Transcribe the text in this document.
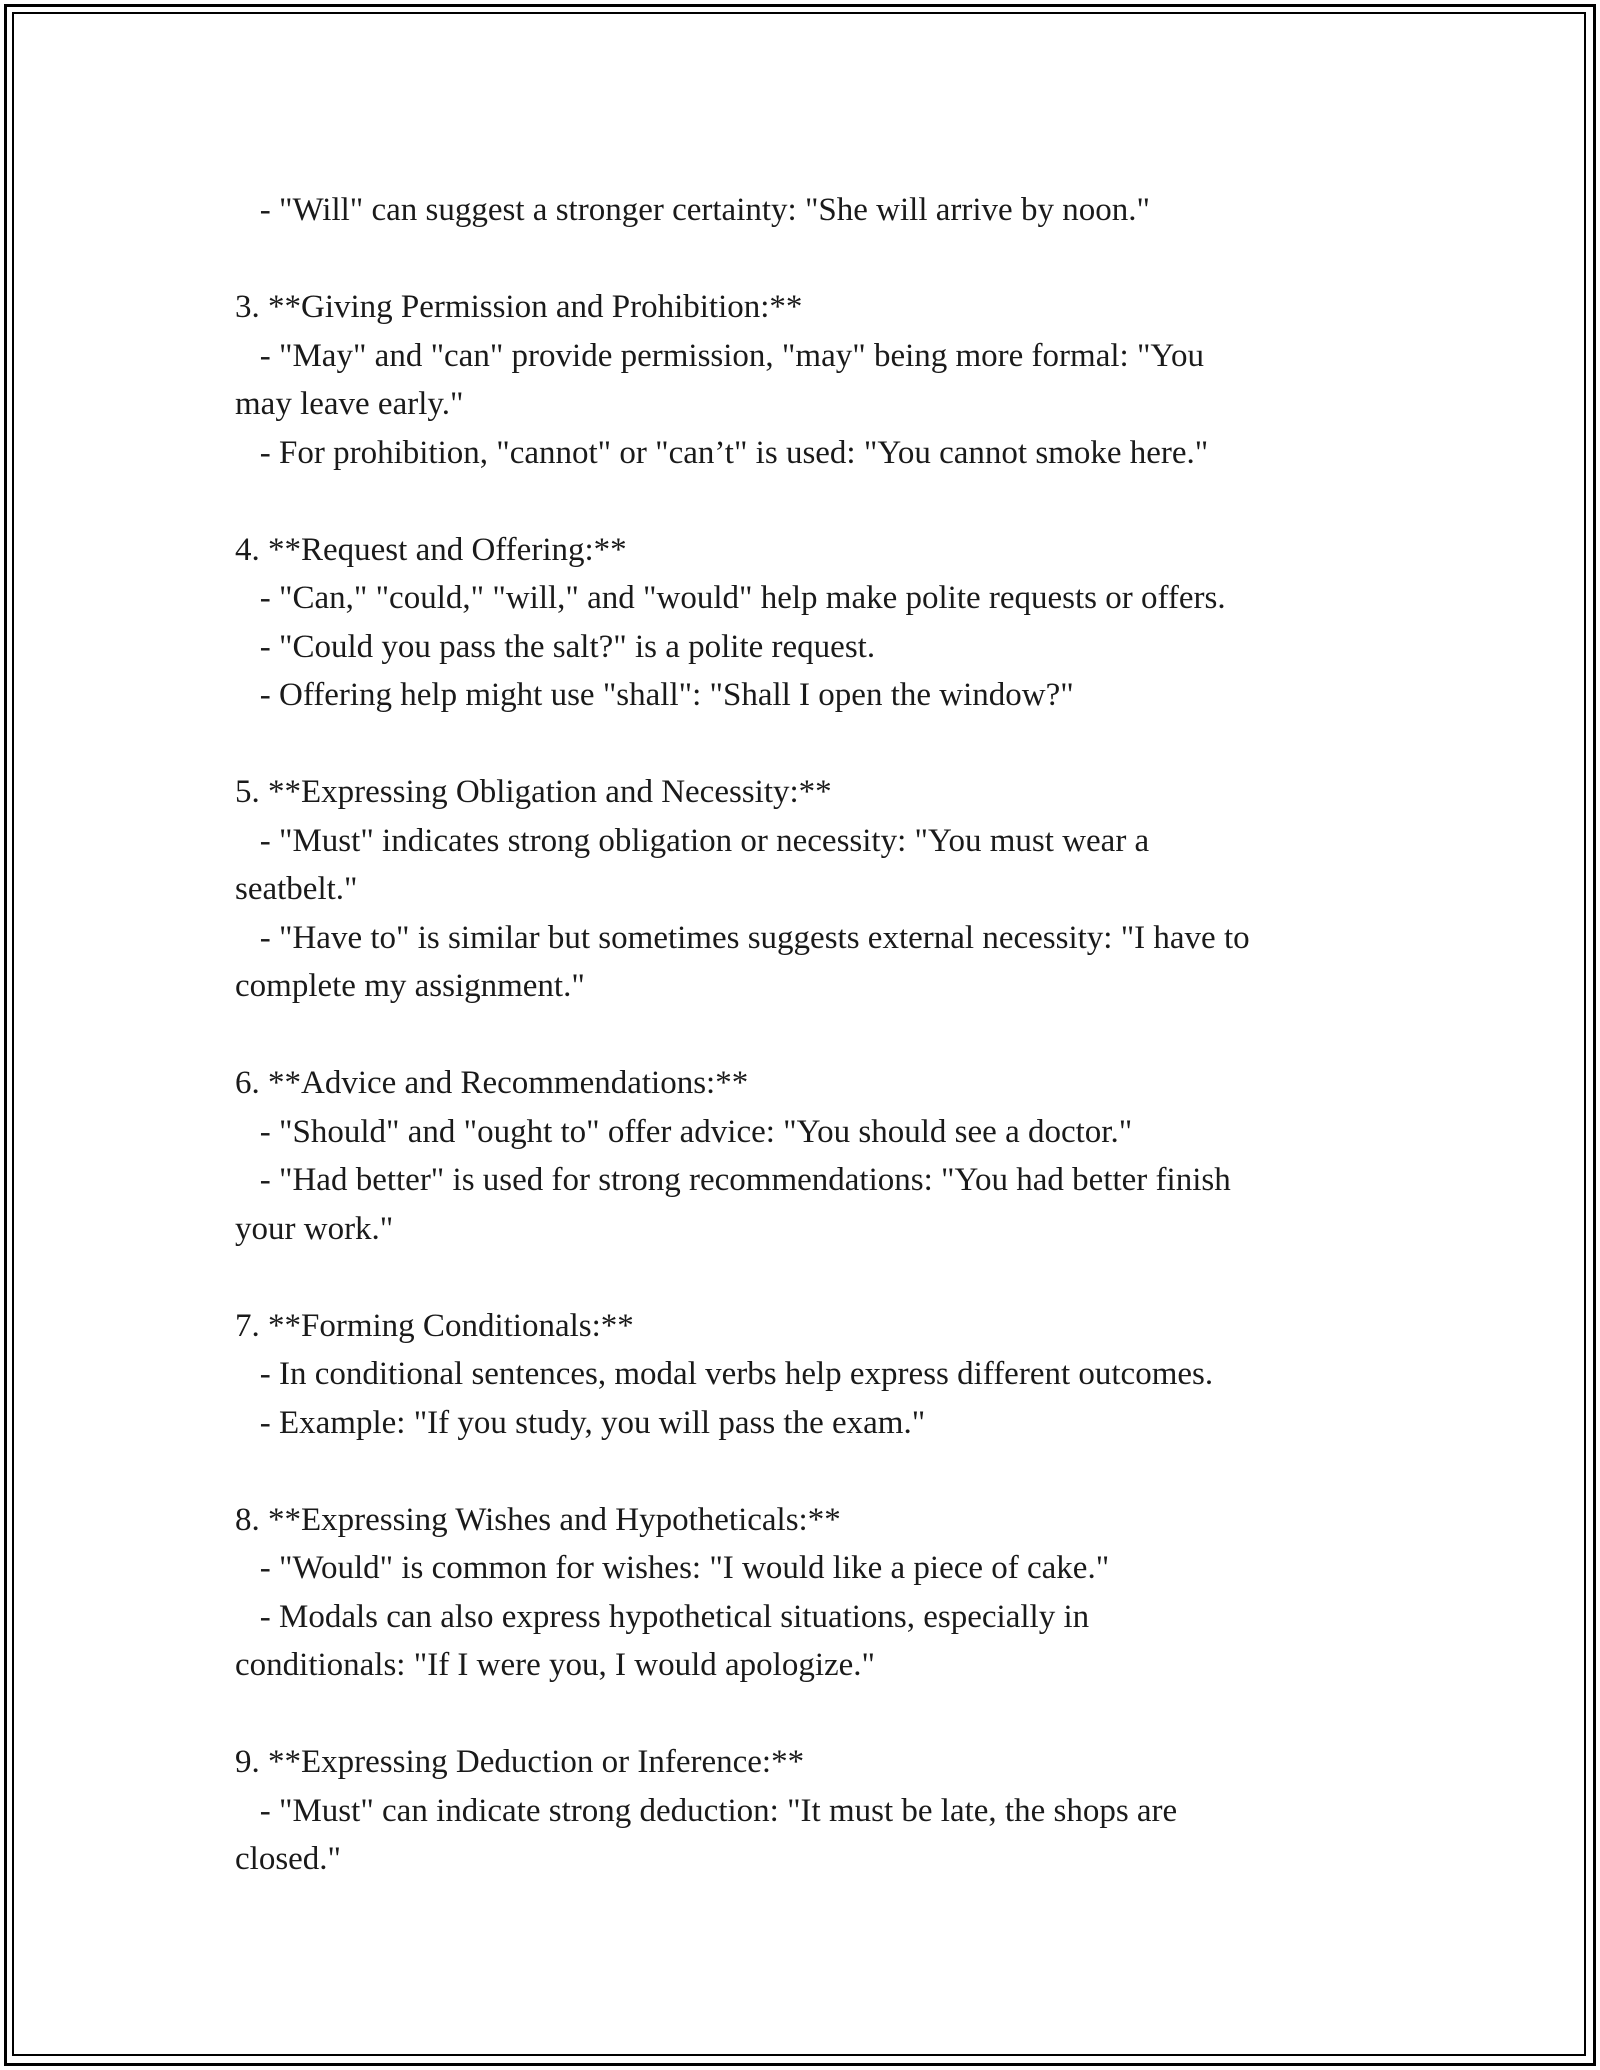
- "Will" can suggest a stronger certainty: "She will arrive by noon."
3. **Giving Permission and Prohibition:**
- "May" and "can" provide permission, "may" being more formal: "You
may leave early."
- For prohibition, "cannot" or "can’t" is used: "You cannot smoke here."
4. **Request and Offering:**
- "Can," "could," "will," and "would" help make polite requests or offers.
- "Could you pass the salt?" is a polite request.
- Offering help might use "shall": "Shall I open the window?"
5. **Expressing Obligation and Necessity:**
- "Must" indicates strong obligation or necessity: "You must wear a
seatbelt."
- "Have to" is similar but sometimes suggests external necessity: "I have to
complete my assignment."
6. **Advice and Recommendations:**
- "Should" and "ought to" offer advice: "You should see a doctor."
- "Had better" is used for strong recommendations: "You had better finish
your work."
7. **Forming Conditionals:**
- In conditional sentences, modal verbs help express different outcomes.
- Example: "If you study, you will pass the exam."
8. **Expressing Wishes and Hypotheticals:**
- "Would" is common for wishes: "I would like a piece of cake."
- Modals can also express hypothetical situations, especially in
conditionals: "If I were you, I would apologize."
9. **Expressing Deduction or Inference:**
- "Must" can indicate strong deduction: "It must be late, the shops are
closed."
